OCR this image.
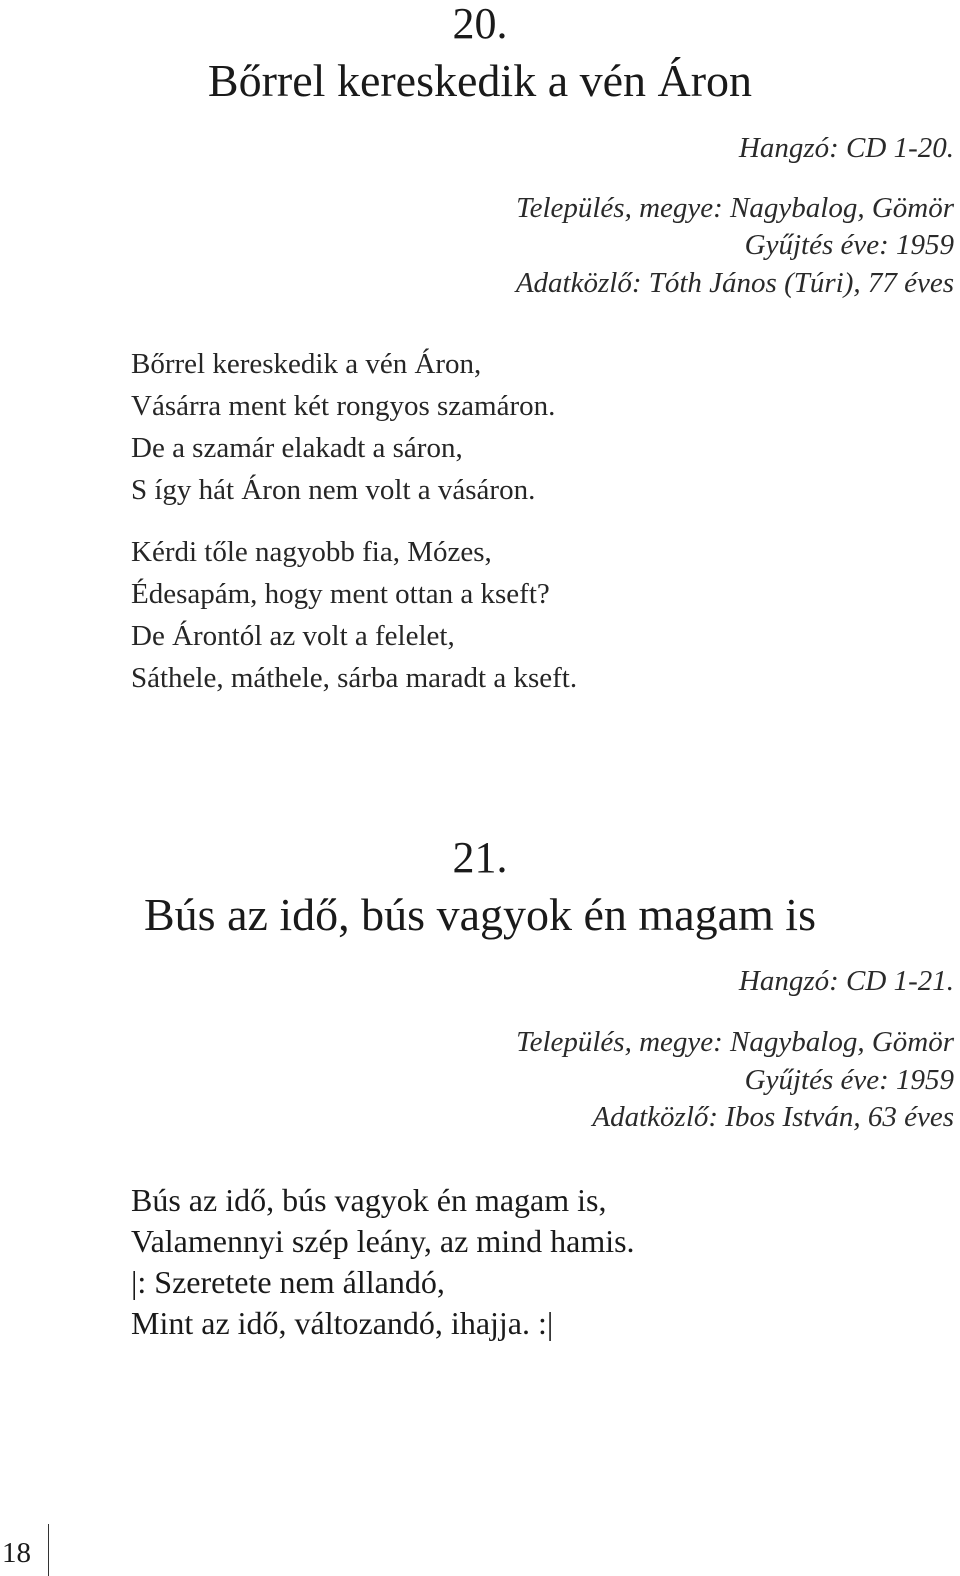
20.
Bőrrel kereskedik a vén Áron
Hangzó: CD 1-20.
Település, megye: Nagybalog, Gömör
Gyűjtés éve: 1959
Adatközlő: Tóth János (Túri), 77 éves
Bőrrel kereskedik a vén Áron,
Vásárra ment két rongyos szamáron.
De a szamár elakadt a sáron,
S így hát Áron nem volt a vásáron.
Kérdi tőle nagyobb fia, Mózes,
Édesapám, hogy ment ottan a kseft?
De Árontól az volt a felelet,
Sáthele, máthele, sárba maradt a kseft.
21.
Bús az idő, bús vagyok én magam is
Hangzó: CD 1-21.
Település, megye: Nagybalog, Gömör
Gyűjtés éve: 1959
Adatközlő: Ibos István, 63 éves
Bús az idő, bús vagyok én magam is,
Valamennyi szép leány, az mind hamis.
|: Szeretete nem állandó,
Mint az idő, változandó, ihajja. :|
18
